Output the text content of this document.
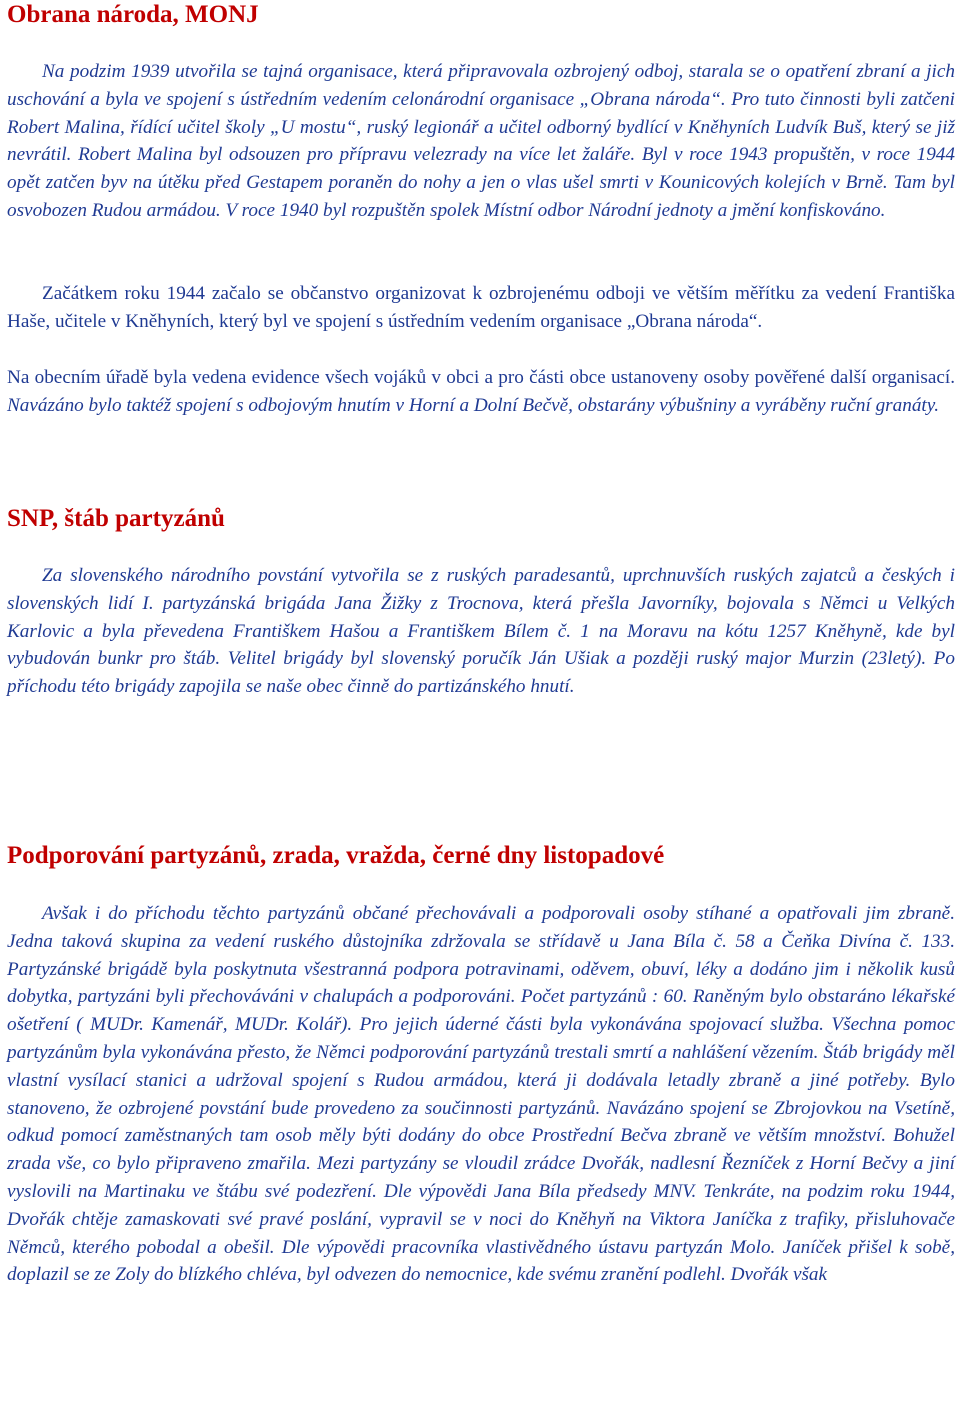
Obrana národa, MONJ

Na podzim 1939 utvořila se tajná organisace, která připravovala ozbrojený odboj, starala se o opatření zbraní a jich uschování a byla ve spojení s ústředním vedením celonárodní organisace „Obrana národa“. Pro tuto činnosti byli zatčeni Robert Malina, řídící učitel školy „U mostu“, ruský legionář a učitel odborný bydlící v Kněhyních Ludvík Buš, který se již nevrátil. Robert Malina byl odsouzen pro přípravu velezrady na více let žaláře. Byl v roce 1943 propuštěn, v roce 1944 opět zatčen byv na útěku před Gestapem poraněn do nohy a jen o vlas ušel smrti v Kounicových kolejích v Brně. Tam byl osvobozen Rudou armádou. V roce 1940 byl rozpuštěn spolek Místní odbor Národní jednoty a jmění konfiskováno.

Začátkem roku 1944 začalo se občanstvo organizovat k ozbrojenému odboji ve větším měřítku za vedení Františka Haše, učitele v Kněhyních, který byl ve spojení s ústředním vedením organisace „Obrana národa“.

Na obecním úřadě byla vedena evidence všech vojáků v obci a pro části obce ustanoveny osoby pověřené další organisací. Navázáno bylo taktéž spojení s odbojovým hnutím v Horní a Dolní Bečvě, obstarány výbušniny a vyráběny ruční granáty.

SNP, štáb partyzánů

Za slovenského národního povstání vytvořila se z ruských paradesantů, uprchnuvších ruských zajatců a českých i slovenských lidí I. partyzánská brigáda Jana Žižky z Trocnova, která přešla Javorníky, bojovala s Němci u Velkých Karlovic a byla převedena Františkem Hašou a Františkem Bílem č. 1 na Moravu na kótu 1257 Kněhyně, kde byl vybudován bunkr pro štáb. Velitel brigády byl slovenský poručík Ján Ušiak a později ruský major Murzin (23letý). Po příchodu této brigády zapojila se naše obec činně do partizánského hnutí.

Podporování partyzánů, zrada, vražda, černé dny listopadové

Avšak i do příchodu těchto partyzánů občané přechovávali a podporovali osoby stíhané a opatřovali jim zbraně. Jedna taková skupina za vedení ruského důstojníka zdržovala se střídavě u Jana Bíla č. 58 a Čeňka Divína č. 133. Partyzánské brigádě byla poskytnuta všestranná podpora potravinami, oděvem, obuví, léky a dodáno jim i několik kusů dobytka, partyzáni byli přechováváni v chalupách a podporováni. Počet partyzánů : 60. Raněným bylo obstaráno lékařské ošetření ( MUDr. Kamenář, MUDr. Kolář). Pro jejich úderné části byla vykonávána spojovací služba. Všechna pomoc partyzánům byla vykonávána přesto, že Němci podporování partyzánů trestali smrtí a nahlášení vězením. Štáb brigády měl vlastní vysílací stanici a udržoval spojení s Rudou armádou, která ji dodávala letadly zbraně a jiné potřeby. Bylo stanoveno, že ozbrojené povstání bude provedeno za součinnosti partyzánů. Navázáno spojení se Zbrojovkou na Vsetíně, odkud pomocí zaměstnaných tam osob měly býti dodány do obce Prostřední Bečva zbraně ve větším množství. Bohužel zrada vše, co bylo připraveno zmařila. Mezi partyzány se vloudil zrádce Dvořák, nadlesní Řezníček z Horní Bečvy a jiní vyslovili na Martinaku ve štábu své podezření. Dle výpovědi Jana Bíla předsedy MNV. Tenkráte, na podzim roku 1944, Dvořák chtěje zamaskovati své pravé poslání, vypravil se v noci do Kněhyň na Viktora Janíčka z trafiky, přisluhovače Němců, kterého pobodal a obešil. Dle výpovědi pracovníka vlastivědného ústavu partyzán Molo. Janíček přišel k sobě, doplazil se ze Zoly do blízkého chléva, byl odvezen do nemocnice, kde svému zranění podlehl. Dvořák však
